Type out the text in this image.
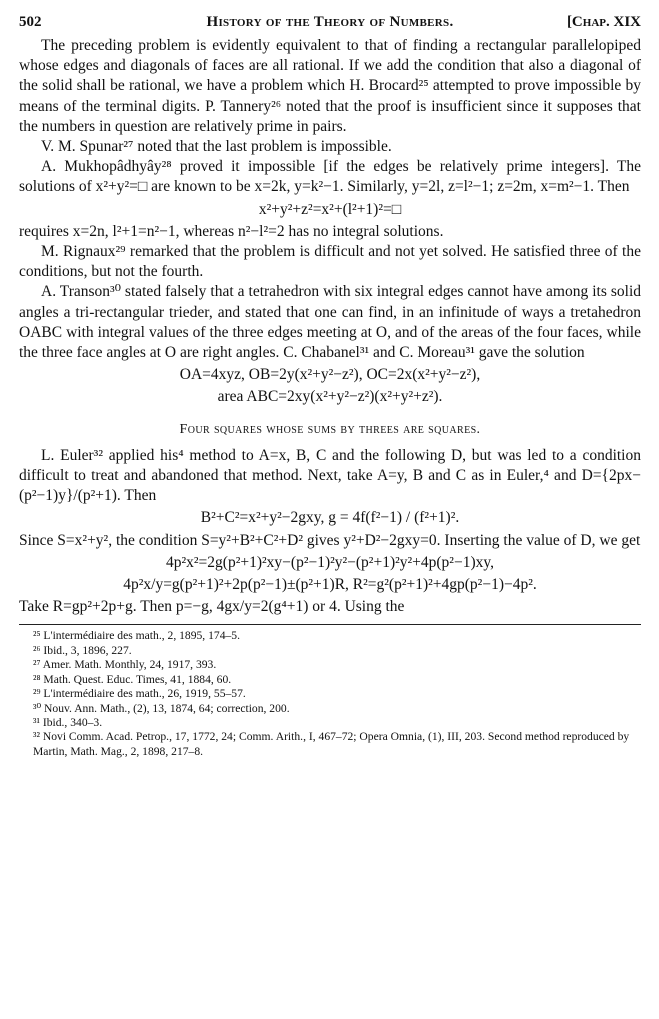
502	History of the Theory of Numbers.	[Chap. XIX

The preceding problem is evidently equivalent to that of finding a rectangular parallelopiped whose edges and diagonals of faces are all rational. If we add the condition that also a diagonal of the solid shall be rational, we have a problem which H. Brocard²⁵ attempted to prove impossible by means of the terminal digits. P. Tannery²⁶ noted that the proof is insufficient since it supposes that the numbers in question are relatively prime in pairs.

V. M. Spunar²⁷ noted that the last problem is impossible.

A. Mukhopâdhyây²⁸ proved it impossible [if the edges be relatively prime integers]. The solutions of x²+y²=□ are known to be x=2k, y=k²−1. Similarly, y=2l, z=l²−1; z=2m, x=m²−1. Then

x²+y²+z²=x²+(l²+1)²=□

requires x=2n, l²+1=n²−1, whereas n²−l²=2 has no integral solutions.

M. Rignaux²⁹ remarked that the problem is difficult and not yet solved. He satisfied three of the conditions, but not the fourth.

A. Transon³⁰ stated falsely that a tetrahedron with six integral edges cannot have among its solid angles a tri-rectangular trieder, and stated that one can find, in an infinitude of ways a tretahedron OABC with integral values of the three edges meeting at O, and of the areas of the four faces, while the three face angles at O are right angles. C. Chabanel³¹ and C. Moreau³¹ gave the solution

OA=4xyz, OB=2y(x²+y²−z²), OC=2x(x²+y²−z²),
area ABC=2xy(x²+y²−z²)(x²+y²+z²).
Four squares whose sums by threes are squares.

L. Euler³² applied his⁴ method to A=x, B, C and the following D, but was led to a condition difficult to treat and abandoned that method. Next, take A=y, B and C as in Euler,⁴ and D={2px−(p²−1)y}/(p²+1). Then

B²+C²=x²+y²−2gxy, g = 4f(f²−1) / (f²+1)².

Since S=x²+y², the condition S=y²+B²+C²+D² gives y²+D²−2gxy=0. Inserting the value of D, we get

4p²x²=2g(p²+1)²xy−(p²−1)²y²−(p²+1)²y²+4p(p²−1)xy,
4p²x/y=g(p²+1)²+2p(p²−1)±(p²+1)R, R²=g²(p²+1)²+4gp(p²−1)−4p².

Take R=gp²+2p+g. Then p=−g, 4gx/y=2(g⁴+1) or 4. Using the

²⁵ L'intermédiaire des math., 2, 1895, 174–5.
²⁶ Ibid., 3, 1896, 227.
²⁷ Amer. Math. Monthly, 24, 1917, 393.
²⁸ Math. Quest. Educ. Times, 41, 1884, 60.
²⁹ L'intermédiaire des math., 26, 1919, 55–57.
³⁰ Nouv. Ann. Math., (2), 13, 1874, 64; correction, 200.
³¹ Ibid., 340–3.
³² Novi Comm. Acad. Petrop., 17, 1772, 24; Comm. Arith., I, 467–72; Opera Omnia, (1), III, 203. Second method reproduced by Martin, Math. Mag., 2, 1898, 217–8.
